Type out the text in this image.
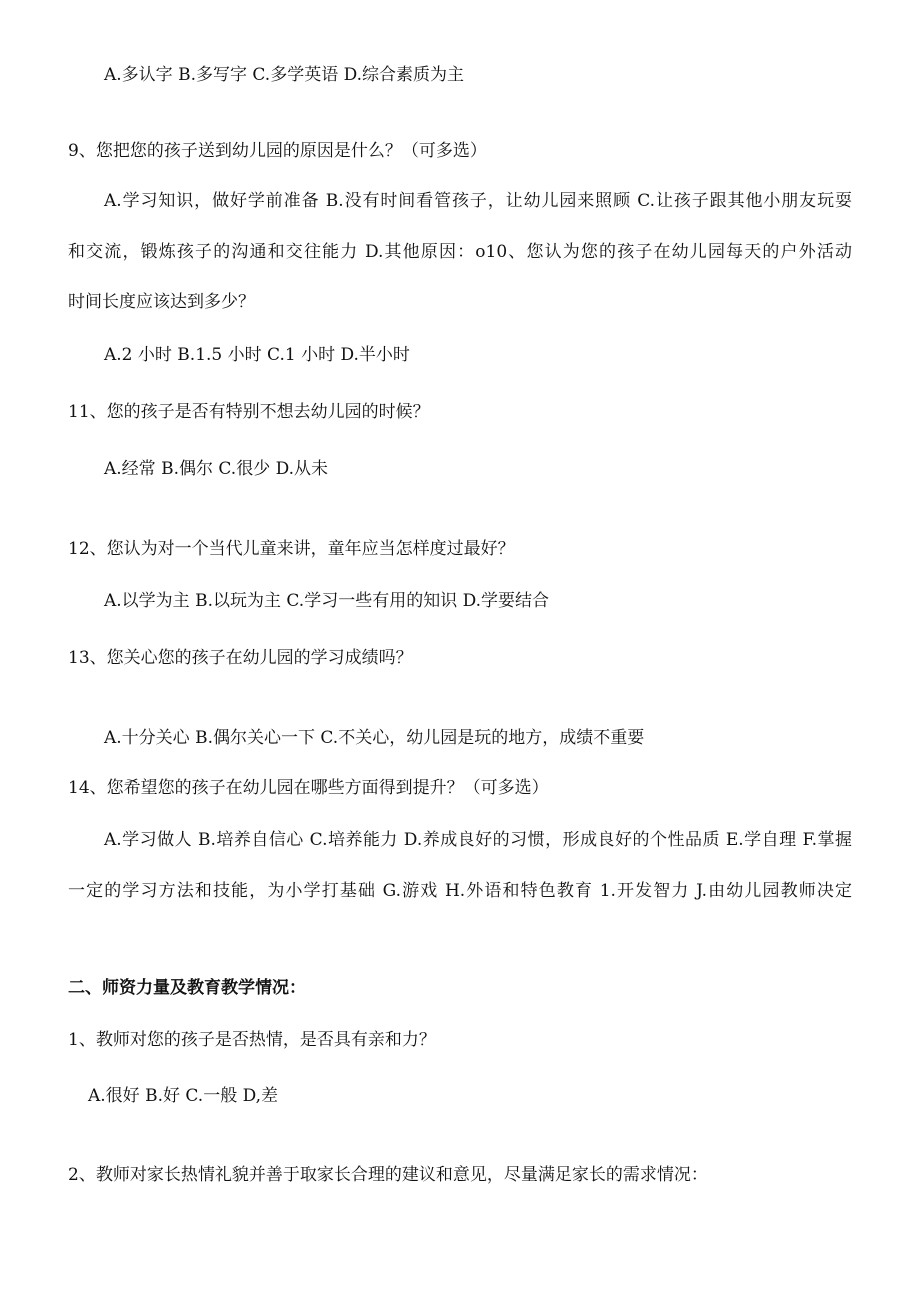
A.多认字 B.多写字 C.多学英语 D.综合素质为主
9、您把您的孩子送到幼儿园的原因是什么？（可多选）
A.学习知识，做好学前准备 B.没有时间看管孩子，让幼儿园来照顾 C.让孩子跟其他小朋友玩耍
和交流，锻炼孩子的沟通和交往能力 D.其他原因：o10、您认为您的孩子在幼儿园每天的户外活动
时间长度应该达到多少？
A.2 小时 B.1.5 小时 C.1 小时 D.半小时
11、您的孩子是否有特别不想去幼儿园的时候？
A.经常 B.偶尔 C.很少 D.从未
12、您认为对一个当代儿童来讲，童年应当怎样度过最好？
A.以学为主 B.以玩为主 C.学习一些有用的知识 D.学要结合
13、您关心您的孩子在幼儿园的学习成绩吗？
A.十分关心 B.偶尔关心一下 C.不关心，幼儿园是玩的地方，成绩不重要
14、您希望您的孩子在幼儿园在哪些方面得到提升？（可多选）
A.学习做人 B.培养自信心 C.培养能力 D.养成良好的习惯，形成良好的个性品质 E.学自理 F.掌握
一定的学习方法和技能，为小学打基础 G.游戏 H.外语和特色教育 1.开发智力 J.由幼儿园教师决定
二、师资力量及教育教学情况：
1、教师对您的孩子是否热情，是否具有亲和力？
A.很好 B.好 C.一般 D,差
2、教师对家长热情礼貌并善于取家长合理的建议和意见，尽量满足家长的需求情况：
